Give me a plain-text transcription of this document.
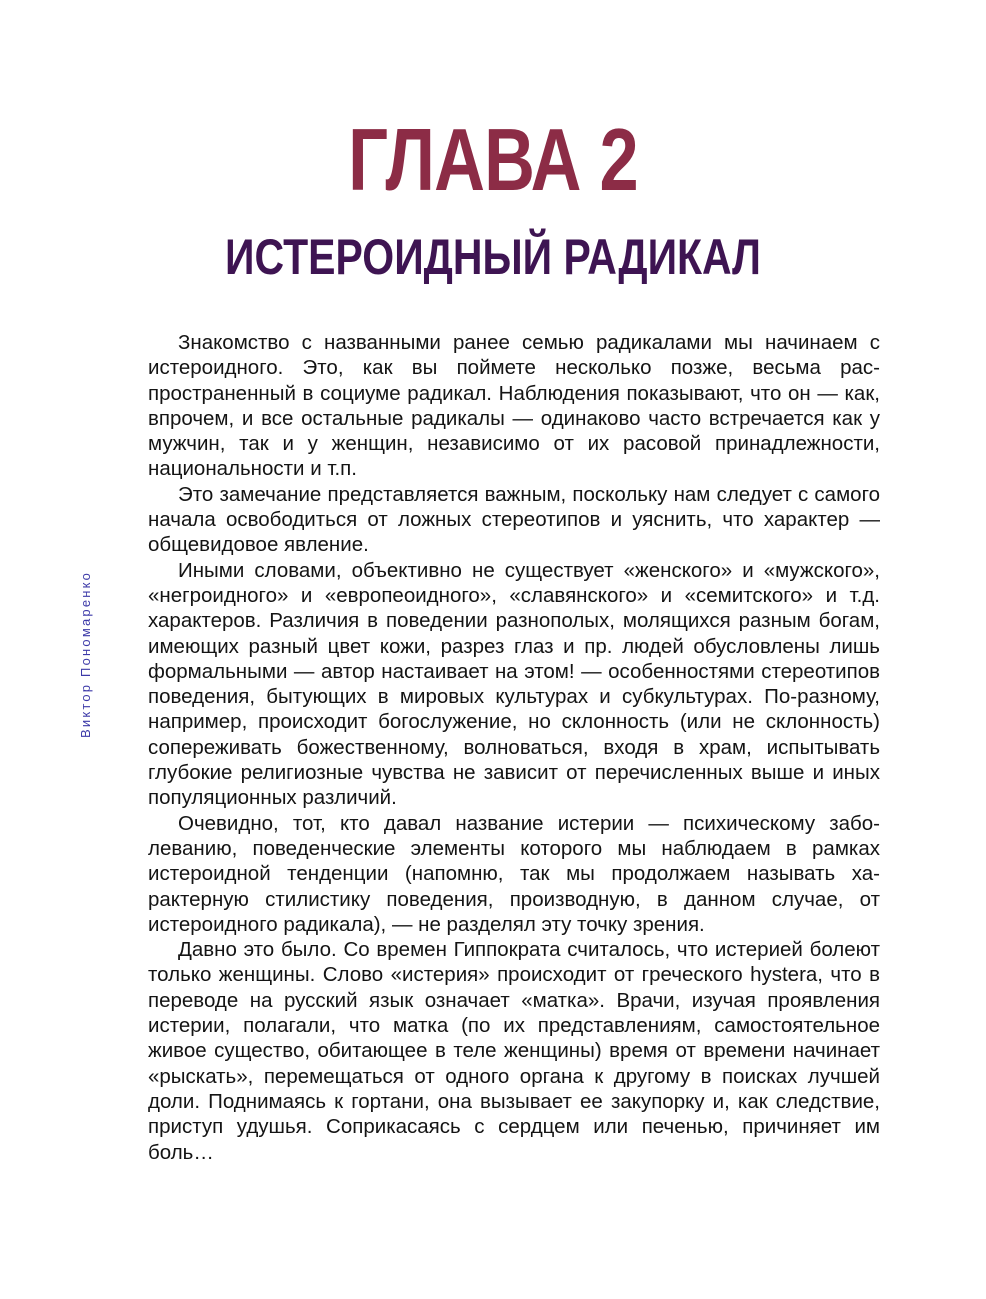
ГЛАВА 2
ИСТЕРОИДНЫЙ РАДИКАЛ
Виктор Пономаренко

Знакомство с названными ранее семью радикалами мы начинаем с истероидного. Это, как вы поймете несколько позже, весьма распространенный в социуме радикал. Наблюдения показывают, что он — как, впрочем, и все остальные радикалы — одинаково часто встречается как у мужчин, так и у женщин, независимо от их расовой принадлежности, национальности и т.п.

Это замечание представляется важным, поскольку нам следует с самого начала освободиться от ложных стереотипов и уяснить, что характер — общевидовое явление.

Иными словами, объективно не существует «женского» и «мужского», «негроидного» и «европеоидного», «славянского» и «семитского» и т.д. характеров. Различия в поведении разнополых, молящихся разным богам, имеющих разный цвет кожи, разрез глаз и пр. людей обусловлены лишь формальными — автор настаивает на этом! — особенностями стереотипов поведения, бытующих в мировых культурах и субкультурах. По-разному, например, происходит богослужение, но склонность (или не склонность) сопереживать божественному, волноваться, входя в храм, испытывать глубокие религиозные чувства не зависит от перечисленных выше и иных популяционных различий.

Очевидно, тот, кто давал название истерии — психическому заболеванию, поведенческие элементы которого мы наблюдаем в рамках истероидной тенденции (напомню, так мы продолжаем называть характерную стилистику поведения, производную, в данном случае, от истероидного радикала), — не разделял эту точку зрения.

Давно это было. Со времен Гиппократа считалось, что истерией болеют только женщины. Слово «истерия» происходит от греческого hystera, что в переводе на русский язык означает «матка». Врачи, изучая проявления истерии, полагали, что матка (по их представлениям, самостоятельное живое существо, обитающее в теле женщины) время от времени начинает «рыскать», перемещаться от одного органа к другому в поисках лучшей доли. Поднимаясь к гортани, она вызывает ее закупорку и, как следствие, приступ удушья. Соприкасаясь с сердцем или печенью, причиняет им боль…
